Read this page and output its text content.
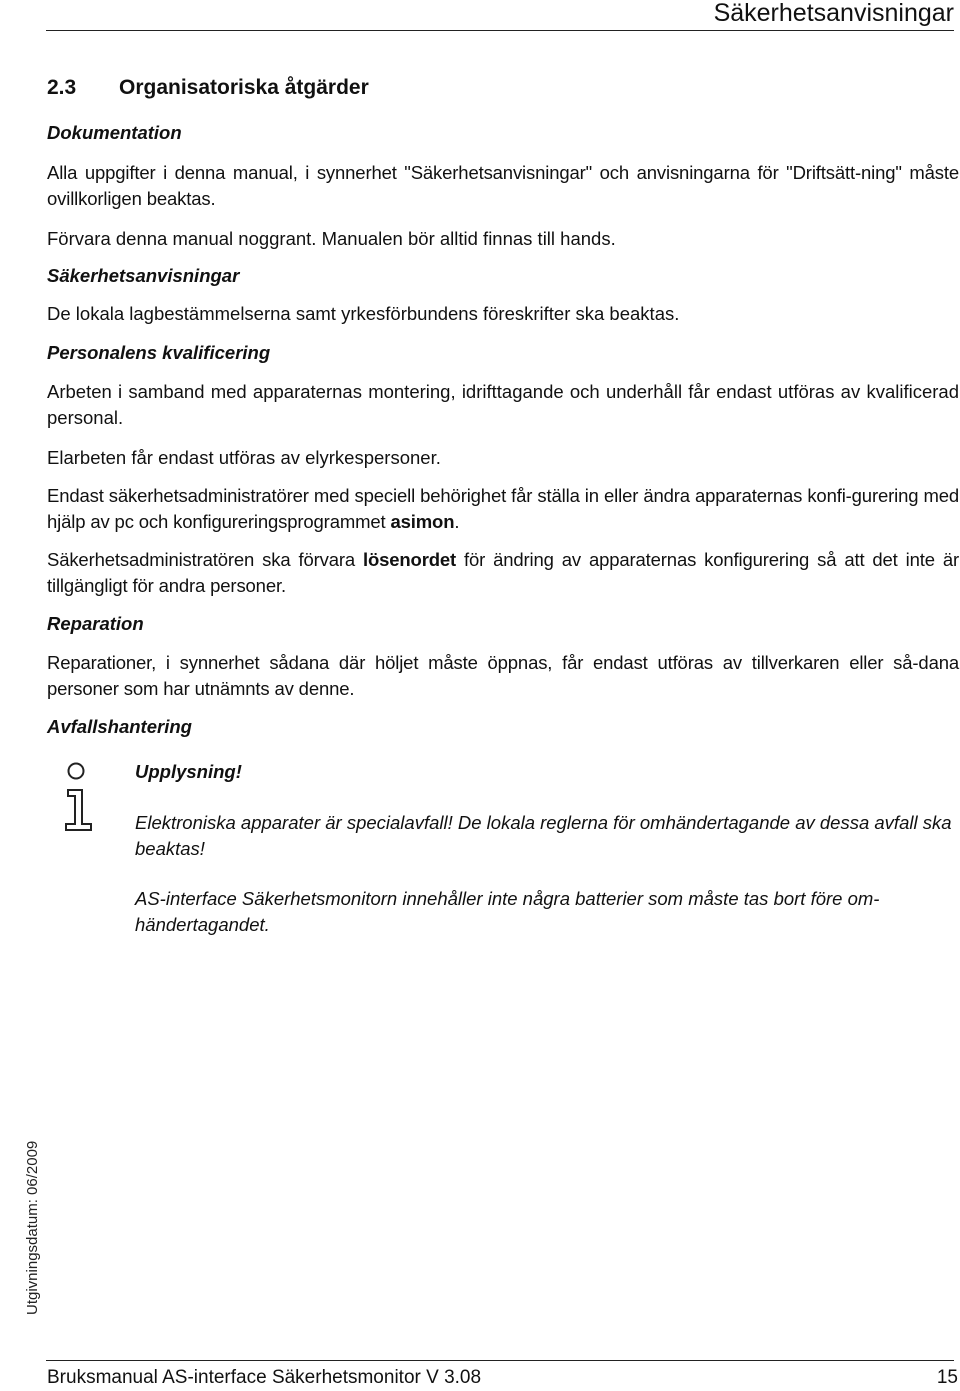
Säkerhetsanvisningar
2.3 Organisatoriska åtgärder
Dokumentation

Alla uppgifter i denna manual, i synnerhet "Säkerhetsanvisningar" och anvisningarna för "Driftsätt-ning" måste ovillkorligen beaktas.

Förvara denna manual noggrant. Manualen bör alltid finnas till hands.

Säkerhetsanvisningar

De lokala lagbestämmelserna samt yrkesförbundens föreskrifter ska beaktas.

Personalens kvalificering

Arbeten i samband med apparaternas montering, idrifttagande och underhåll får endast utföras av kvalificerad personal.

Elarbeten får endast utföras av elyrkespersoner.

Endast säkerhetsadministratörer med speciell behörighet får ställa in eller ändra apparaternas konfi-gurering med hjälp av pc och konfigureringsprogrammet asimon.

Säkerhetsadministratören ska förvara lösenordet för ändring av apparaternas konfigurering så att det inte är tillgängligt för andra personer.

Reparation

Reparationer, i synnerhet sådana där höljet måste öppnas, får endast utföras av tillverkaren eller så-dana personer som har utnämnts av denne.

Avfallshantering
Upplysning!

Elektroniska apparater är specialavfall! De lokala reglerna för omhändertagande av dessa avfall ska beaktas!

AS-interface Säkerhetsmonitorn innehåller inte några batterier som måste tas bort före om-händertagandet.

Utgivningsdatum: 06/2009
Bruksmanual AS-interface Säkerhetsmonitor V 3.08	15
